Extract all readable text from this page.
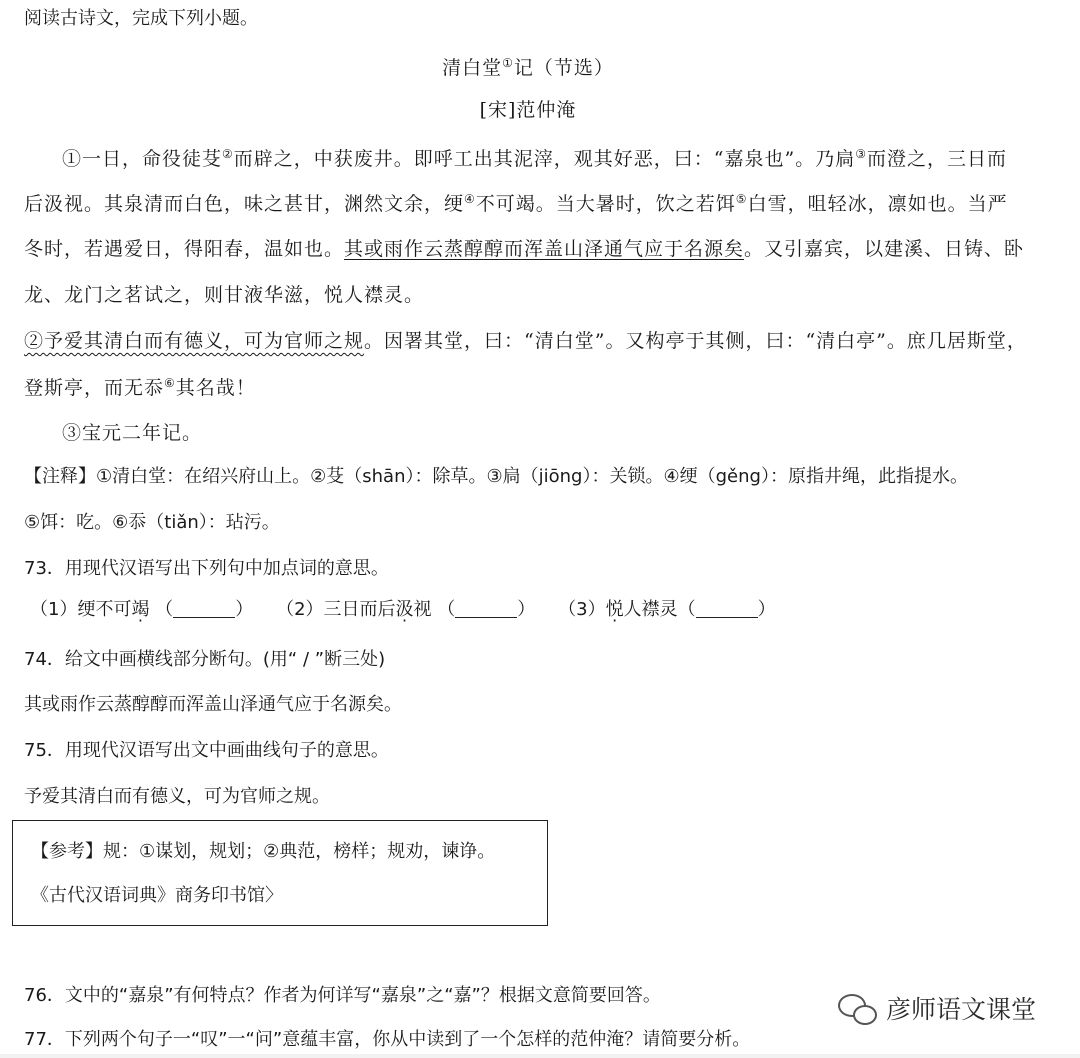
阅读古诗文，完成下列小题。
清白堂①记（节选）
[宋]范仲淹
①一日，命役徒芟②而辟之，中获废井。即呼工出其泥滓，观其好恶，曰：“嘉泉也”。乃扃③而澄之，三日而
后汲视。其泉清而白色，味之甚甘，渊然文余，绠④不可竭。当大暑时，饮之若饵⑤白雪，咀轻冰，凛如也。当严
冬时，若遇爱日，得阳春，温如也。其或雨作云蒸醇醇而浑盖山泽通气应于名源矣。又引嘉宾，以建溪、日铸、卧
龙、龙门之茗试之，则甘液华滋，悦人襟灵。
②予爱其清白而有德义，可为官师之规。因署其堂，曰：“清白堂”。又构亭于其侧，曰：“清白亭”。庶几居斯堂，
登斯亭，而无忝⑥其名哉！
③宝元二年记。
【注释】①清白堂：在绍兴府山上。②芟（shān）：除草。③扃（jiōng）：关锁。④绠（gěng）：原指井绳，此指提水。
⑤饵：吃。⑥忝（tiǎn）：玷污。
73．用现代汉语写出下列句中加点词的意思。
（1）绠不可竭 （	） （2）三日而后汲视 （	） （3）悦人襟灵（	）
74．给文中画横线部分断句。(用“ / ”断三处)
其或雨作云蒸醇醇而浑盖山泽通气应于名源矣。
75．用现代汉语写出文中画曲线句子的意思。
予爱其清白而有德义，可为官师之规。
【参考】规：①谋划，规划；②典范，榜样；规劝，谏诤。
《古代汉语词典》商务印书馆〉
76．文中的“嘉泉”有何特点？作者为何详写“嘉泉”之“嘉”？根据文意简要回答。
77．下列两个句子一“叹”一“问”意蕴丰富，你从中读到了一个怎样的范仲淹？请简要分析。
彦师语文课堂
